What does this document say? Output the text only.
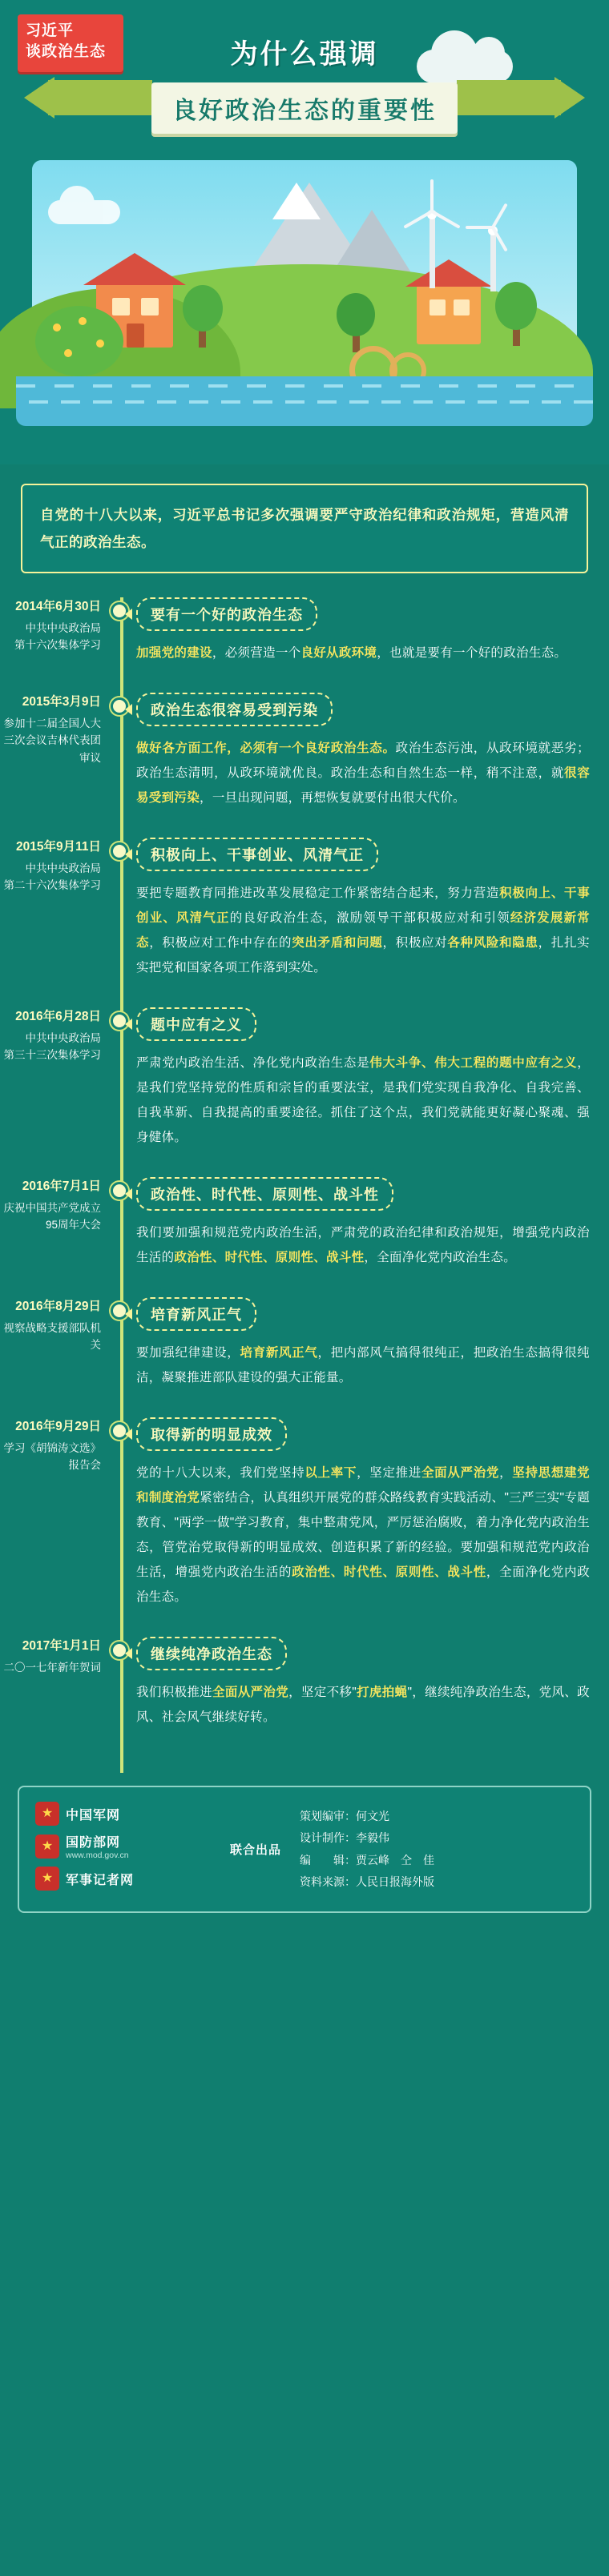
习近平
谈政治生态	为什么强调
良好政治生态的重要性
自党的十八大以来，习近平总书记多次强调要严守政治纪律和政治规矩，营造风清气正的政治生态。
2014年6月30日
中共中央政治局
第十六次集体学习
要有一个好的政治生态
加强党的建设，必须营造一个良好从政环境，也就是要有一个好的政治生态。
2015年3月9日
参加十二届全国人大三次会议吉林代表团审议
政治生态很容易受到污染
做好各方面工作，必须有一个良好政治生态。政治生态污浊，从政环境就恶劣；政治生态清明，从政环境就优良。政治生态和自然生态一样，稍不注意，就很容易受到污染，一旦出现问题，再想恢复就要付出很大代价。
2015年9月11日
中共中央政治局
第二十六次集体学习
积极向上、干事创业、风清气正
要把专题教育同推进改革发展稳定工作紧密结合起来，努力营造积极向上、干事创业、风清气正的良好政治生态，激励领导干部积极应对和引领经济发展新常态，积极应对工作中存在的突出矛盾和问题，积极应对各种风险和隐患，扎扎实实把党和国家各项工作落到实处。
2016年6月28日
中共中央政治局
第三十三次集体学习
题中应有之义
严肃党内政治生活、净化党内政治生态是伟大斗争、伟大工程的题中应有之义，是我们党坚持党的性质和宗旨的重要法宝，是我们党实现自我净化、自我完善、自我革新、自我提高的重要途径。抓住了这个点，我们党就能更好凝心聚魂、强身健体。
2016年7月1日
庆祝中国共产党成立95周年大会
政治性、时代性、原则性、战斗性
我们要加强和规范党内政治生活，严肃党的政治纪律和政治规矩，增强党内政治生活的政治性、时代性、原则性、战斗性，全面净化党内政治生态。
2016年8月29日
视察战略支援部队机关
培育新风正气
要加强纪律建设，培育新风正气，把内部风气搞得很纯正，把政治生态搞得很纯洁，凝聚推进部队建设的强大正能量。
2016年9月29日
学习《胡锦涛文选》报告会
取得新的明显成效
党的十八大以来，我们党坚持以上率下，坚定推进全面从严治党，坚持思想建党和制度治党紧密结合，认真组织开展党的群众路线教育实践活动、"三严三实"专题教育、"两学一做"学习教育，集中整肃党风，严厉惩治腐败，着力净化党内政治生态，管党治党取得新的明显成效、创造积累了新的经验。要加强和规范党内政治生活，增强党内政治生活的政治性、时代性、原则性、战斗性，全面净化党内政治生态。
2017年1月1日
二〇一七年新年贺词
继续纯净政治生态
我们积极推进全面从严治党，坚定不移"打虎拍蝇"，继续纯净政治生态，党风、政风、社会风气继续好转。
★ 中国军网
★ 国防部网
www.mod.gov.cn
★ 军事记者网
联合出品
策划编审：何文光
设计制作：李毅伟
编　　辑：贾云峰　仝　佳
资料来源：人民日报海外版
